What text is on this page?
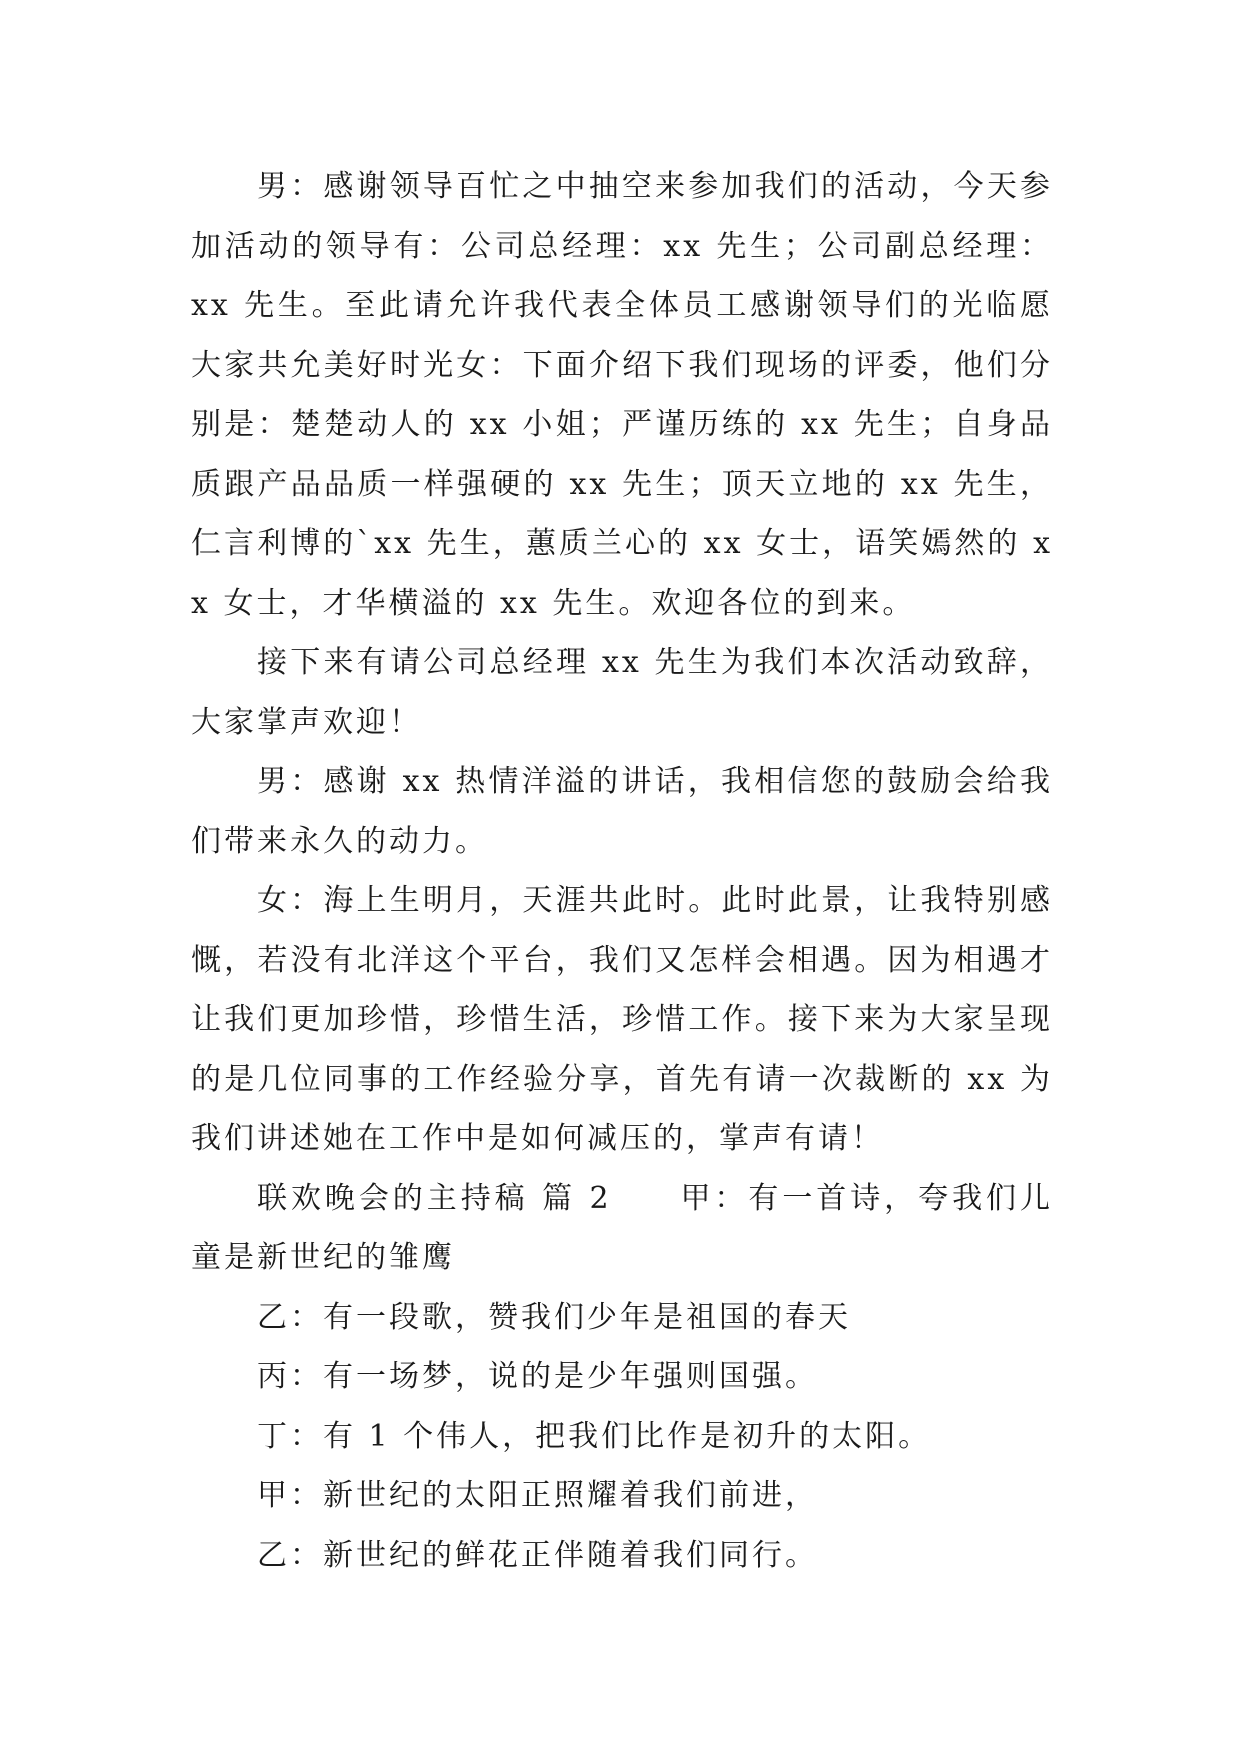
男：感谢领导百忙之中抽空来参加我们的活动，今天参加活动的领导有：公司总经理：xx 先生；公司副总经理：xx 先生。至此请允许我代表全体员工感谢领导们的光临愿大家共允美好时光女：下面介绍下我们现场的评委，他们分别是：楚楚动人的 xx 小姐；严谨历练的 xx 先生；自身品质跟产品品质一样强硬的 xx 先生；顶天立地的 xx 先生，仁言利博的`xx 先生，蕙质兰心的 xx 女士，语笑嫣然的 xx 女士，才华横溢的 xx 先生。欢迎各位的到来。

接下来有请公司总经理 xx 先生为我们本次活动致辞，大家掌声欢迎！

男：感谢 xx 热情洋溢的讲话，我相信您的鼓励会给我们带来永久的动力。

女：海上生明月，天涯共此时。此时此景，让我特别感慨，若没有北洋这个平台，我们又怎样会相遇。因为相遇才让我们更加珍惜，珍惜生活，珍惜工作。接下来为大家呈现的是几位同事的工作经验分享，首先有请一次裁断的 xx 为我们讲述她在工作中是如何减压的，掌声有请！

联欢晚会的主持稿 篇 2　　甲：有一首诗，夸我们儿童是新世纪的雏鹰

乙：有一段歌，赞我们少年是祖国的春天

丙：有一场梦，说的是少年强则国强。

丁：有 1 个伟人，把我们比作是初升的太阳。

甲：新世纪的太阳正照耀着我们前进，

乙：新世纪的鲜花正伴随着我们同行。
